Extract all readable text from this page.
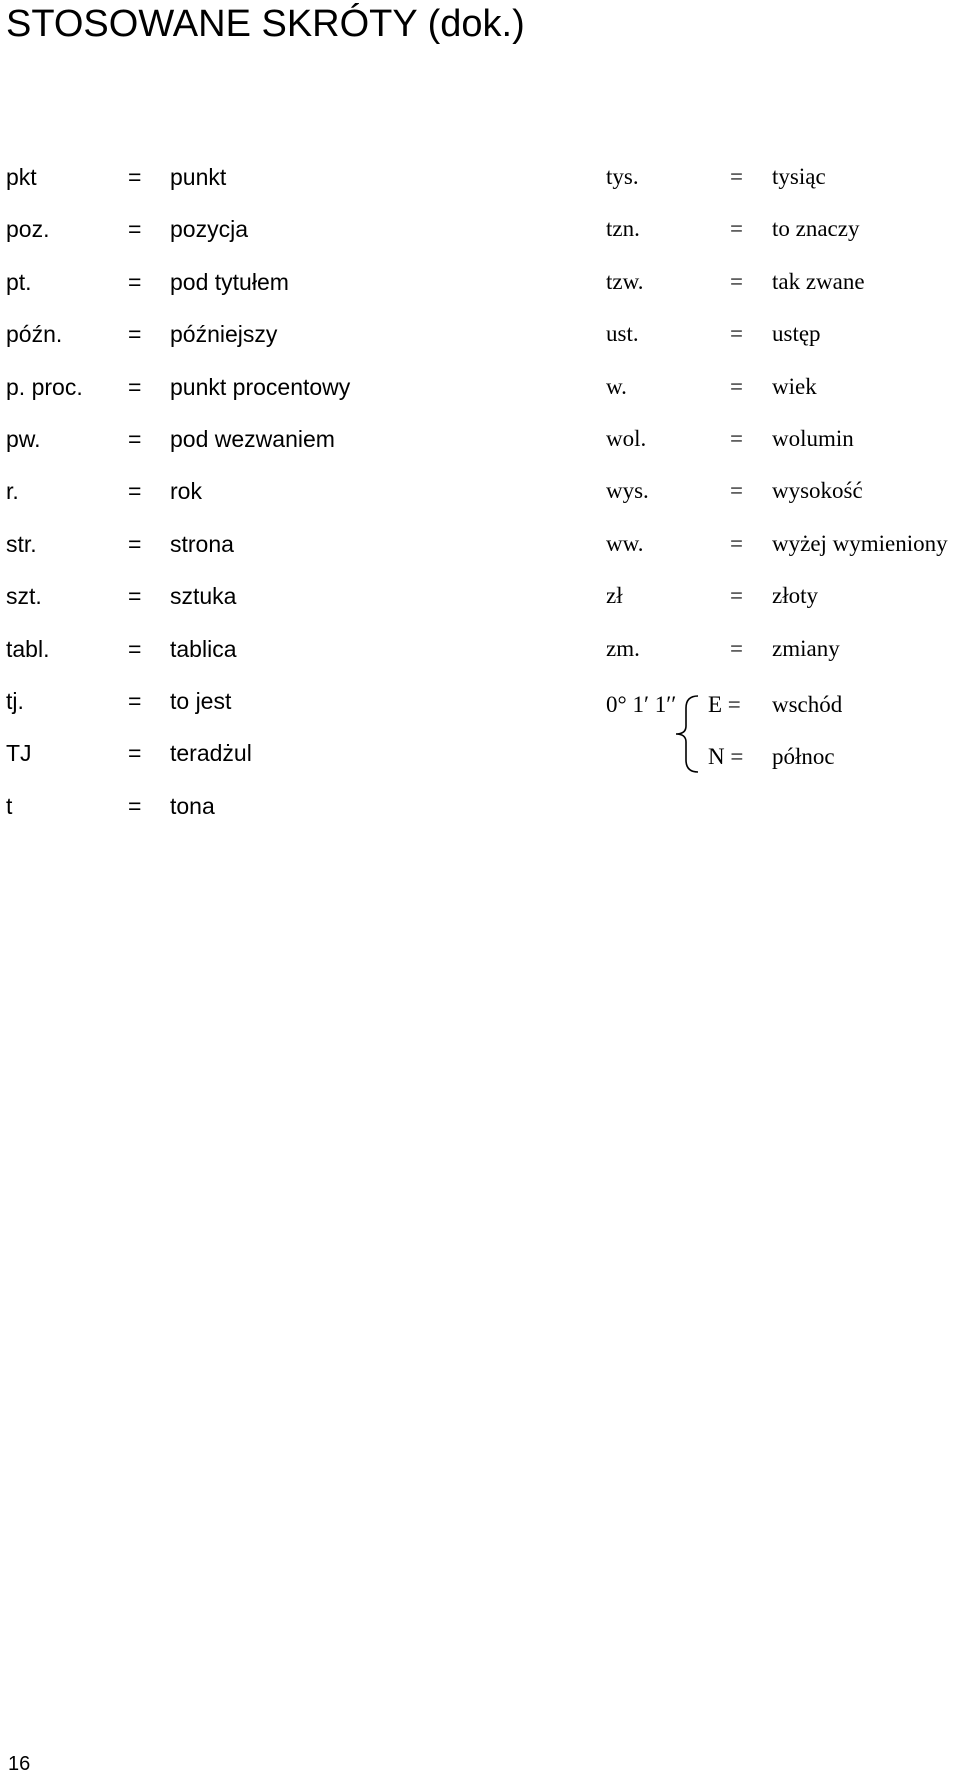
STOSOWANE SKRÓTY (dok.)
pkt	= punkt
poz.	= pozycja
pt.	= pod tytułem
późn.	= późniejszy
p. proc. = punkt procentowy
pw.	= pod wezwaniem
r.	= rok
str.	= strona
szt.	= sztuka
tabl.	= tablica
tj.	= to jest
TJ	= teradżul
t	= tona
tys.	= tysiąc
tzn.	= to znaczy
tzw.	= tak zwane
ust.	= ustęp
w.	= wiek
wol.	= wolumin
wys.	= wysokość
ww.	= wyżej wymieniony
zł	= złoty
zm.	= zmiany
0° 1′ 1′′ E = wschód
N = północ
16
